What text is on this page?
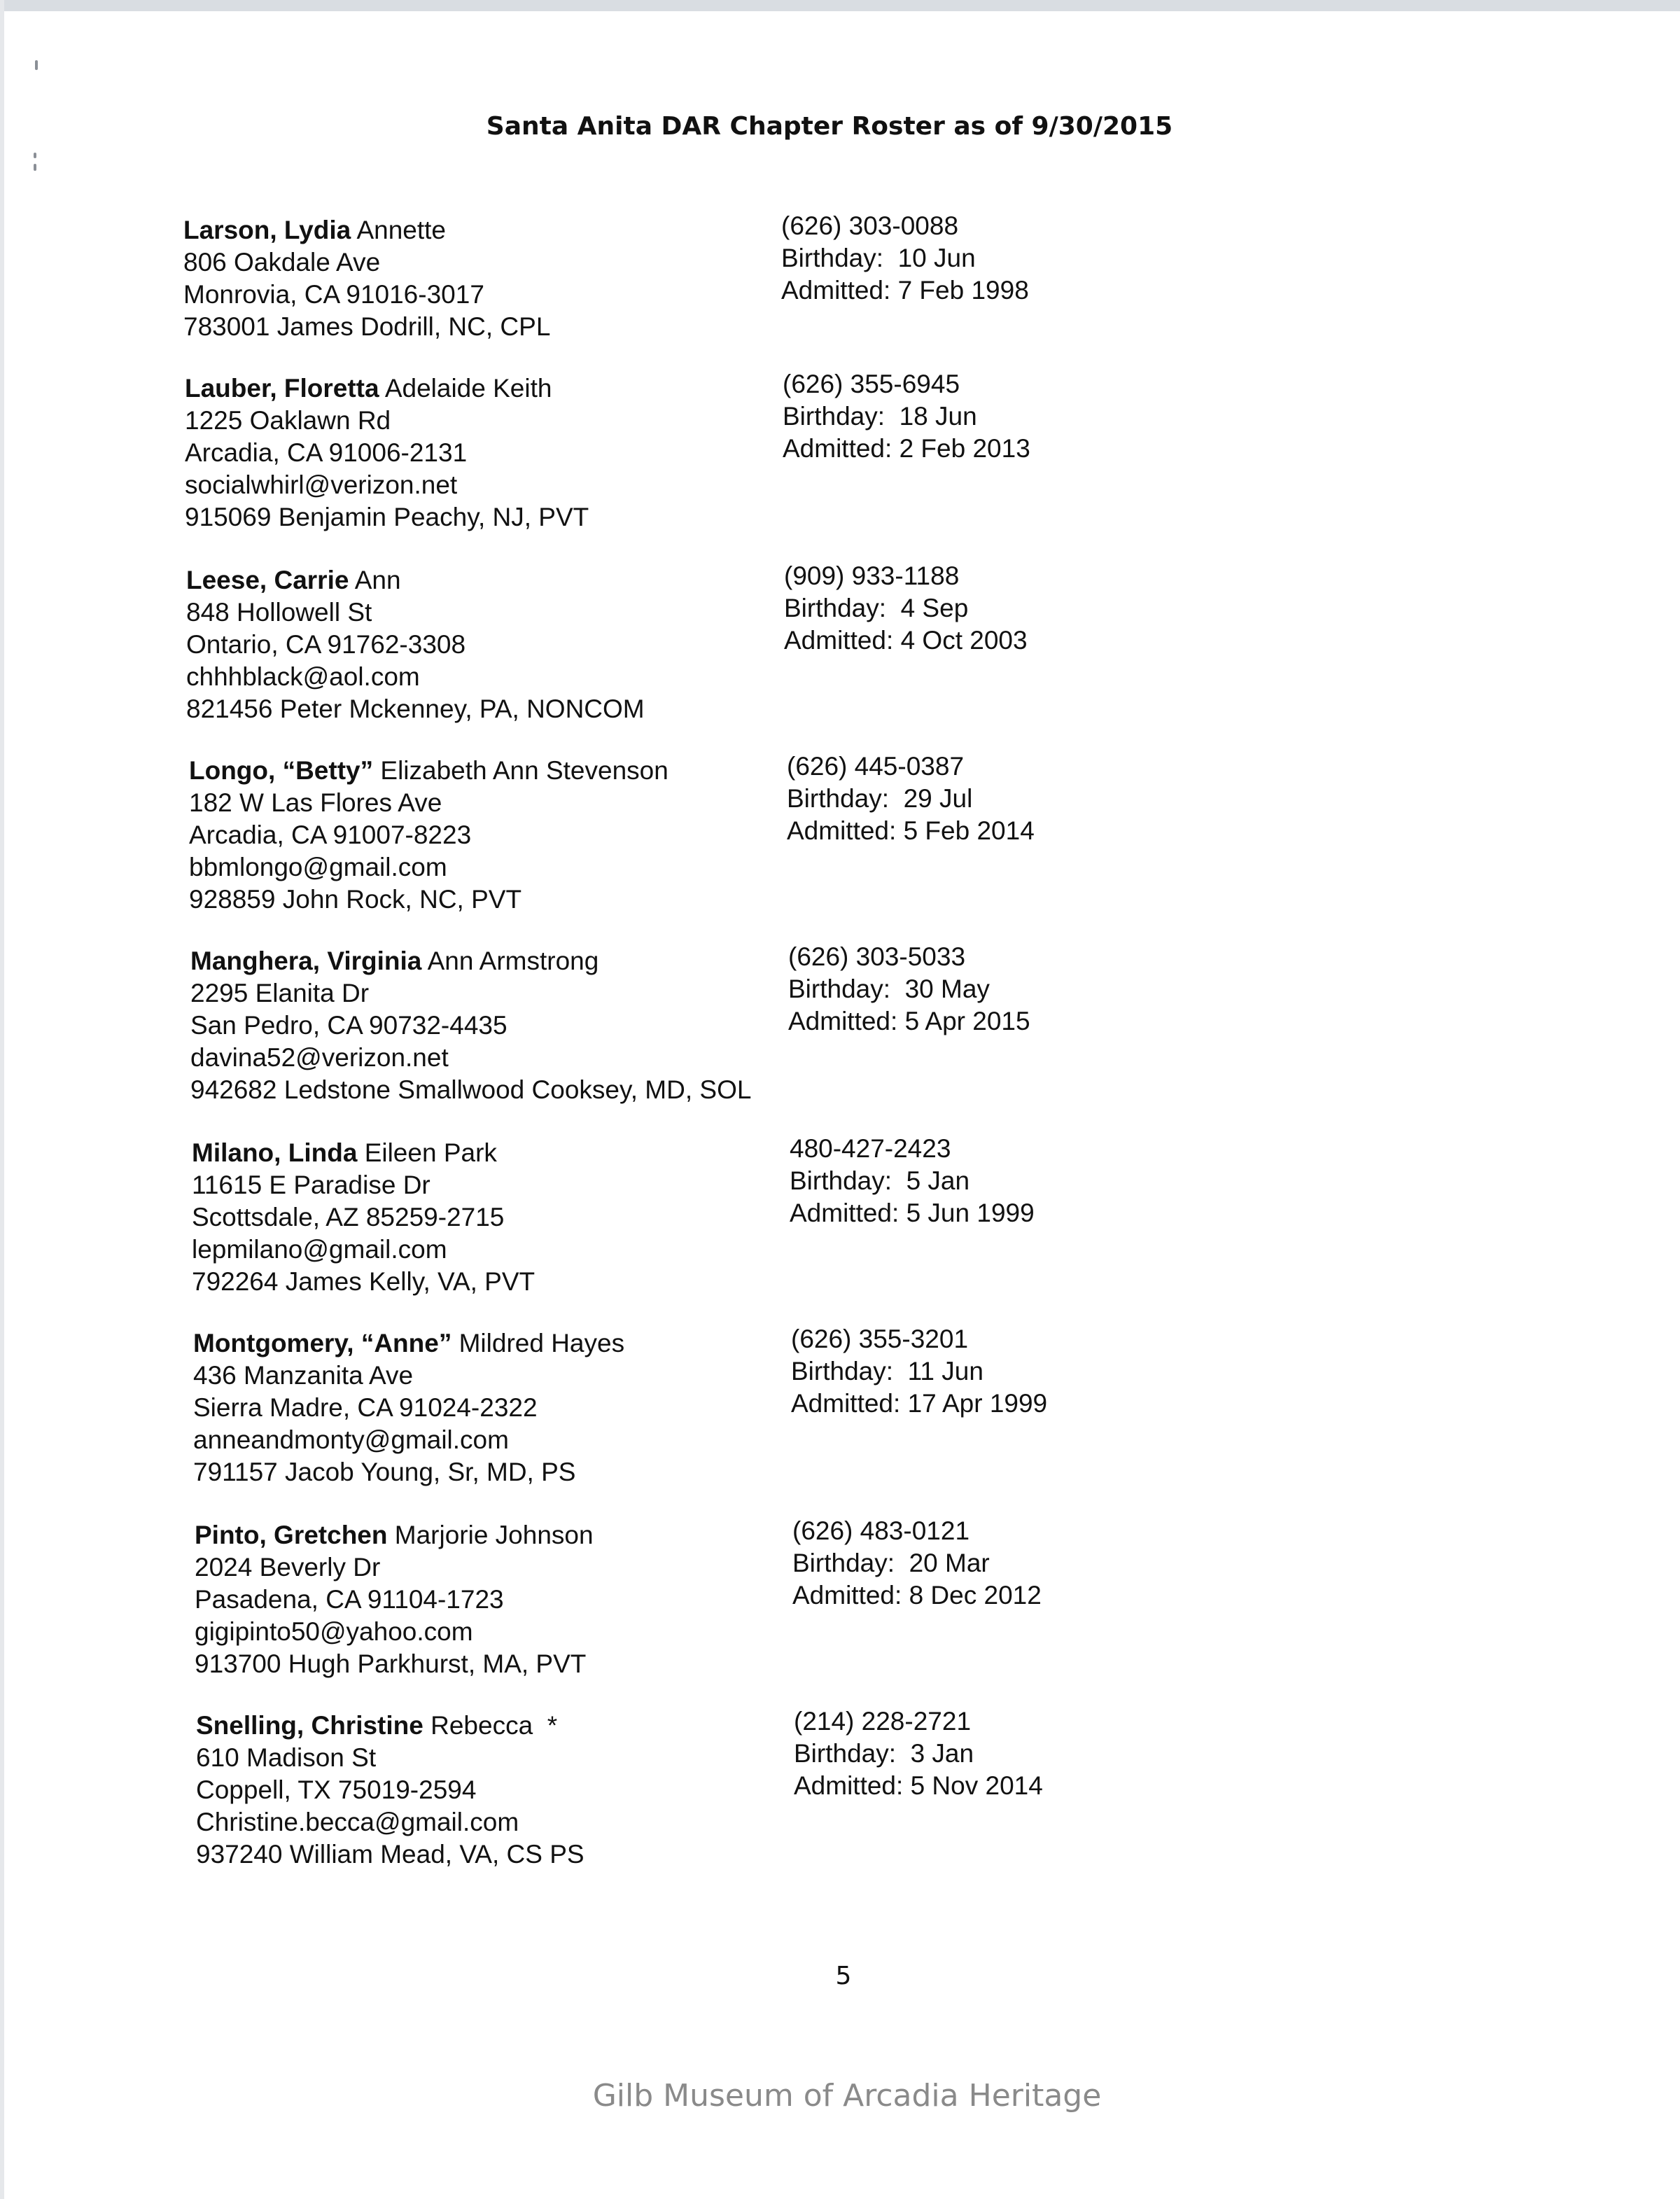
Santa Anita DAR Chapter Roster as of 9/30/2015
Larson, Lydia Annette
806 Oakdale Ave
Monrovia, CA 91016-3017
783001 James Dodrill, NC, CPL
(626) 303-0088
Birthday: 10 Jun
Admitted: 7 Feb 1998
Lauber, Floretta Adelaide Keith
1225 Oaklawn Rd
Arcadia, CA 91006-2131
socialwhirl@verizon.net
915069 Benjamin Peachy, NJ, PVT
(626) 355-6945
Birthday: 18 Jun
Admitted: 2 Feb 2013
Leese, Carrie Ann
848 Hollowell St
Ontario, CA 91762-3308
chhhblack@aol.com
821456 Peter Mckenney, PA, NONCOM
(909) 933-1188
Birthday: 4 Sep
Admitted: 4 Oct 2003
Longo, “Betty” Elizabeth Ann Stevenson
182 W Las Flores Ave
Arcadia, CA 91007-8223
bbmlongo@gmail.com
928859 John Rock, NC, PVT
(626) 445-0387
Birthday: 29 Jul
Admitted: 5 Feb 2014
Manghera, Virginia Ann Armstrong
2295 Elanita Dr
San Pedro, CA 90732-4435
davina52@verizon.net
942682 Ledstone Smallwood Cooksey, MD, SOL
(626) 303-5033
Birthday: 30 May
Admitted: 5 Apr 2015
Milano, Linda Eileen Park
11615 E Paradise Dr
Scottsdale, AZ 85259-2715
lepmilano@gmail.com
792264 James Kelly, VA, PVT
480-427-2423
Birthday: 5 Jan
Admitted: 5 Jun 1999
Montgomery, “Anne” Mildred Hayes
436 Manzanita Ave
Sierra Madre, CA 91024-2322
anneandmonty@gmail.com
791157 Jacob Young, Sr, MD, PS
(626) 355-3201
Birthday: 11 Jun
Admitted: 17 Apr 1999
Pinto, Gretchen Marjorie Johnson
2024 Beverly Dr
Pasadena, CA 91104-1723
gigipinto50@yahoo.com
913700 Hugh Parkhurst, MA, PVT
(626) 483-0121
Birthday: 20 Mar
Admitted: 8 Dec 2012
Snelling, Christine Rebecca  *
610 Madison St
Coppell, TX 75019-2594
Christine.becca@gmail.com
937240 William Mead, VA, CS PS
(214) 228-2721
Birthday: 3 Jan
Admitted: 5 Nov 2014
5
Gilb Museum of Arcadia Heritage
